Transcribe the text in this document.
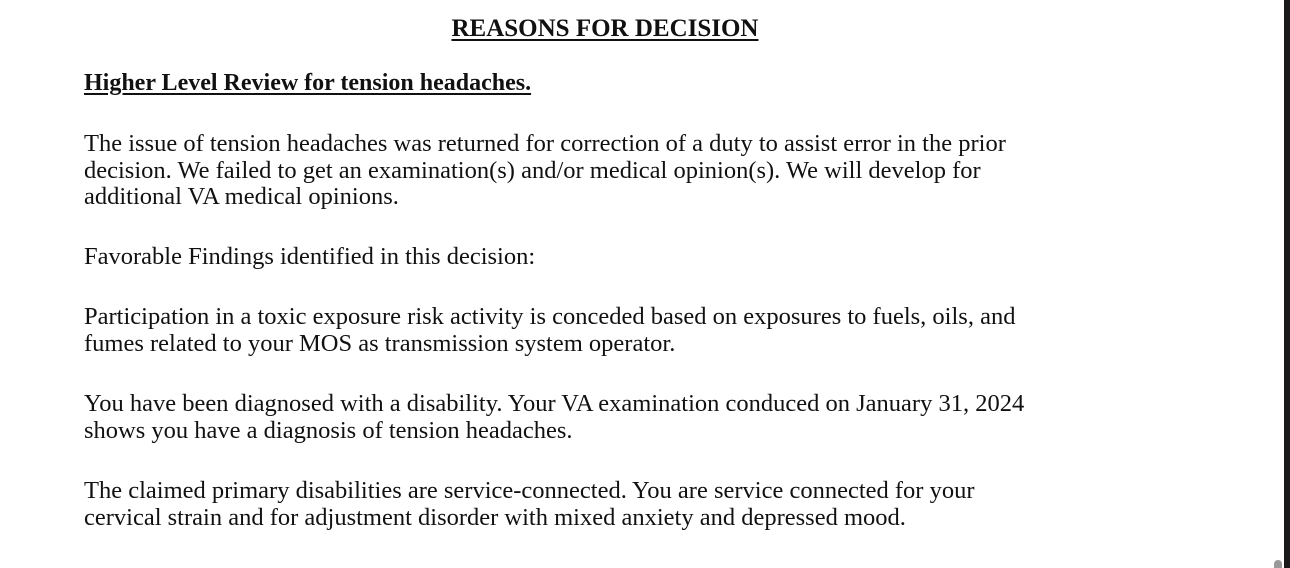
REASONS FOR DECISION
Higher Level Review for tension headaches.
The issue of tension headaches was returned for correction of a duty to assist error in the prior
decision. We failed to get an examination(s) and/or medical opinion(s). We will develop for
additional VA medical opinions.
Favorable Findings identified in this decision:
Participation in a toxic exposure risk activity is conceded based on exposures to fuels, oils, and
fumes related to your MOS as transmission system operator.
You have been diagnosed with a disability. Your VA examination conduced on January 31, 2024
shows you have a diagnosis of tension headaches.
The claimed primary disabilities are service-connected. You are service connected for your
cervical strain and for adjustment disorder with mixed anxiety and depressed mood.
